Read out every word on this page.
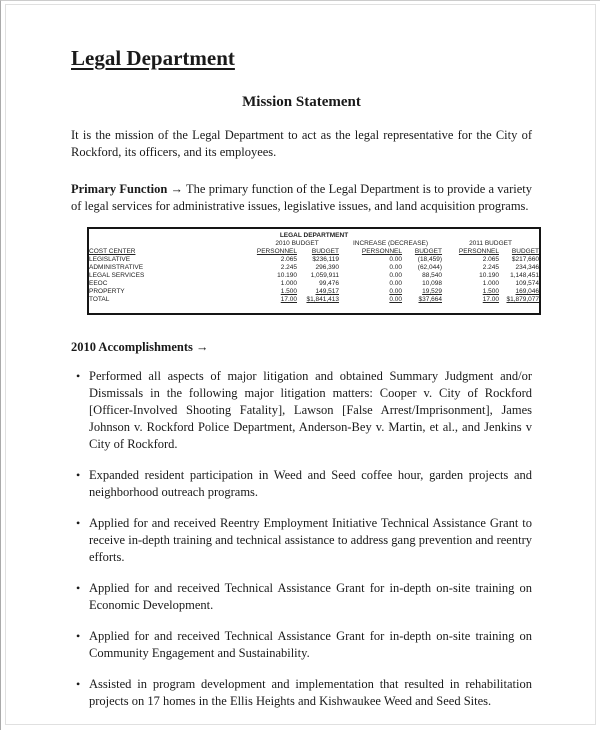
Legal Department
Mission Statement

It is the mission of the Legal Department to act as the legal representative for the City of Rockford, its officers, and its employees.

Primary Function → The primary function of the Legal Department is to provide a variety of legal services for administrative issues, legislative issues, and land acquisition programs.

LEGAL DEPARTMENT						
	2010 BUDGET		INCREASE (DECREASE)		2011 BUDGET	
COST CENTER	PERSONNEL	BUDGET	PERSONNEL	BUDGET	PERSONNEL	BUDGET
LEGISLATIVE	2.065	$236,119	0.00	(18,459)	2.065	$217,660
ADMINISTRATIVE	2.245	296,390	0.00	(62,044)	2.245	234,346
LEGAL SERVICES	10.190	1,059,911	0.00	88,540	10.190	1,148,451
EEOC	1.000	99,476	0.00	10,098	1.000	109,574
PROPERTY	1.500	149,517	0.00	19,529	1.500	169,046
TOTAL	17.00	$1,841,413	0.00	$37,664	17.00	$1,879,077
2010 Accomplishments →
• Performed all aspects of major litigation and obtained Summary Judgment and/or Dismissals in the following major litigation matters: Cooper v. City of Rockford [Officer-Involved Shooting Fatality], Lawson [False Arrest/Imprisonment], James Johnson v. Rockford Police Department, Anderson-Bey v. Martin, et al., and Jenkins v City of Rockford.
• Expanded resident participation in Weed and Seed coffee hour, garden projects and neighborhood outreach programs.
• Applied for and received Reentry Employment Initiative Technical Assistance Grant to receive in-depth training and technical assistance to address gang prevention and reentry efforts.
• Applied for and received Technical Assistance Grant for in-depth on-site training on Economic Development.
• Applied for and received Technical Assistance Grant for in-depth on-site training on Community Engagement and Sustainability.
• Assisted in program development and implementation that resulted in rehabilitation projects on 17 homes in the Ellis Heights and Kishwaukee Weed and Seed Sites.
